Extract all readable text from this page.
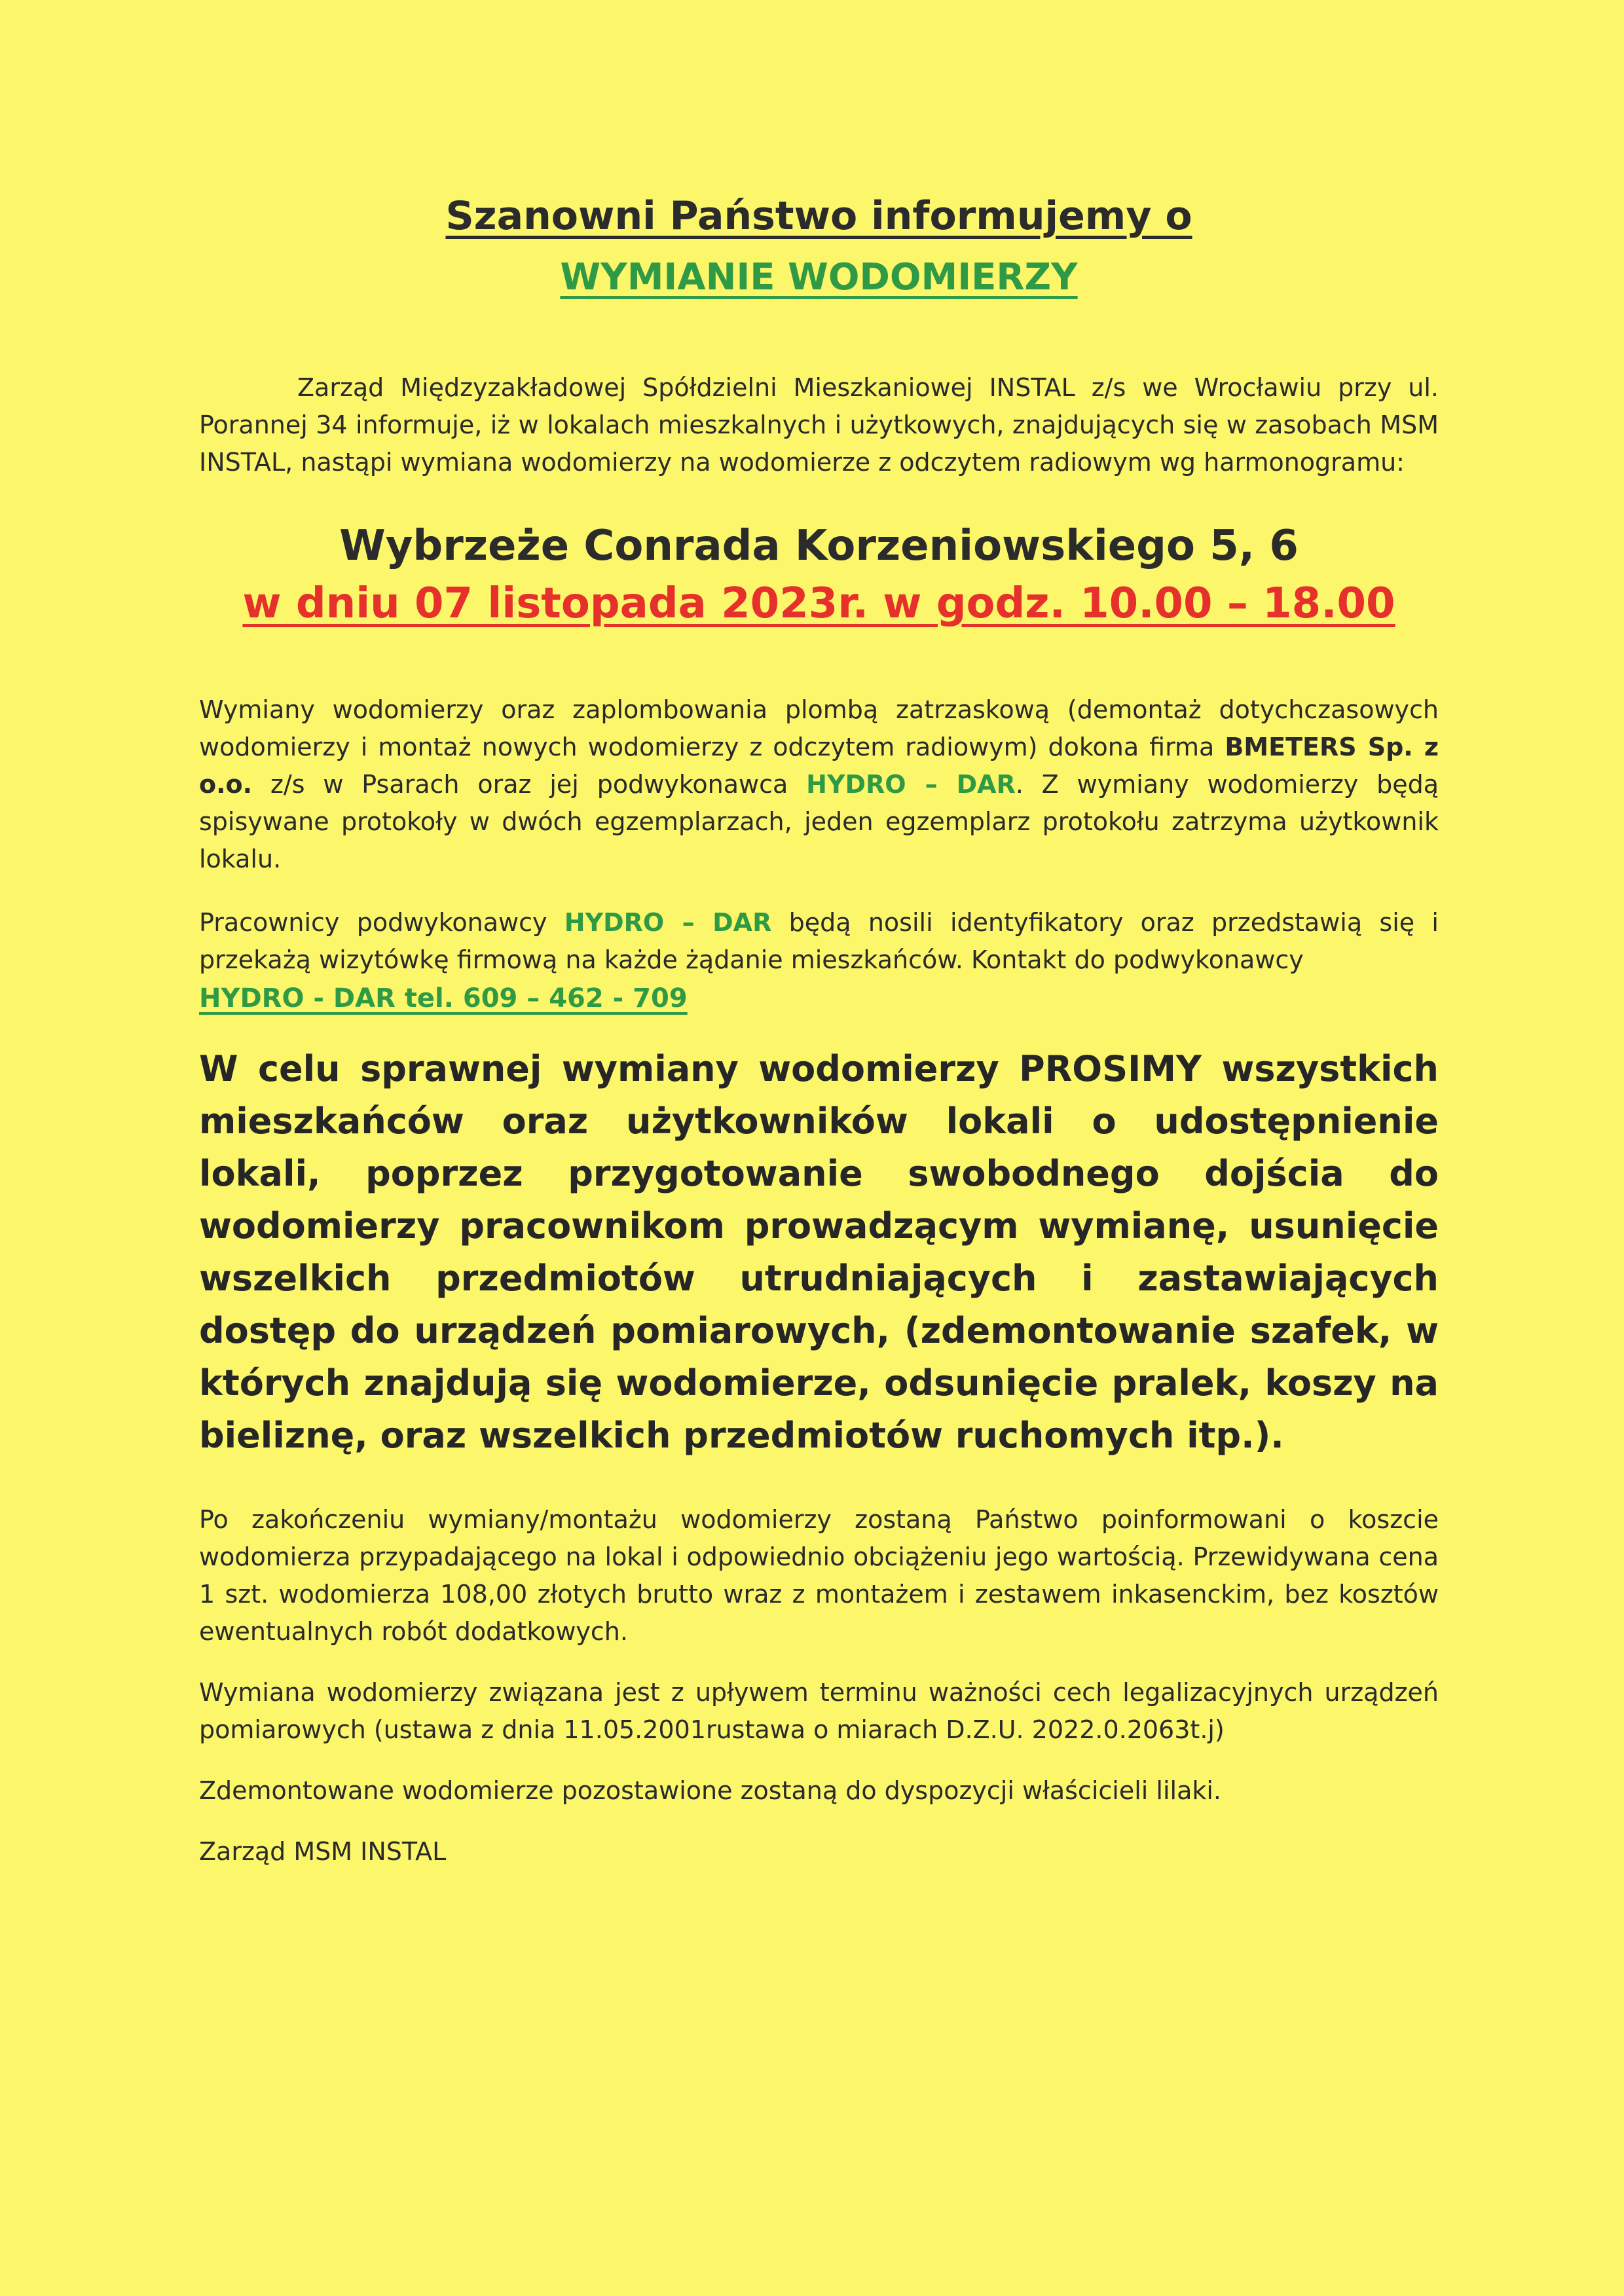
Szanowni Państwo informujemy o

WYMIANIE WODOMIERZY

Zarząd Międzyzakładowej Spółdzielni Mieszkaniowej INSTAL z/s we Wrocławiu przy ul. Porannej 34 informuje, iż w lokalach mieszkalnych i użytkowych, znajdujących się w zasobach MSM INSTAL, nastąpi wymiana wodomierzy na wodomierze z odczytem radiowym wg harmonogramu:

Wybrzeże Conrada Korzeniowskiego 5, 6

w dniu 07 listopada 2023r. w godz. 10.00 – 18.00

Wymiany wodomierzy oraz zaplombowania plombą zatrzaskową (demontaż dotychczasowych wodomierzy i montaż nowych wodomierzy z odczytem radiowym) dokona firma BMETERS Sp. z o.o. z/s w Psarach oraz jej podwykonawca HYDRO – DAR. Z wymiany wodomierzy będą spisywane protokoły w dwóch egzemplarzach, jeden egzemplarz protokołu zatrzyma użytkownik lokalu.

Pracownicy podwykonawcy HYDRO – DAR będą nosili identyfikatory oraz przedstawią się i przekażą wizytówkę firmową na każde żądanie mieszkańców. Kontakt do podwykonawcy

HYDRO - DAR tel. 609 – 462 - 709

W celu sprawnej wymiany wodomierzy PROSIMY wszystkich mieszkańców oraz użytkowników lokali o udostępnienie lokali, poprzez przygotowanie swobodnego dojścia do wodomierzy pracownikom prowadzącym wymianę, usunięcie wszelkich przedmiotów utrudniających i zastawiających dostęp do urządzeń pomiarowych, (zdemontowanie szafek, w których znajdują się wodomierze, odsunięcie pralek, koszy na bieliznę, oraz wszelkich przedmiotów ruchomych itp.).

Po zakończeniu wymiany/montażu wodomierzy zostaną Państwo poinformowani o koszcie wodomierza przypadającego na lokal i odpowiednio obciążeniu jego wartością. Przewidywana cena 1 szt. wodomierza 108,00 złotych brutto wraz z montażem i zestawem inkasenckim, bez kosztów ewentualnych robót dodatkowych.

Wymiana wodomierzy związana jest z upływem terminu ważności cech legalizacyjnych urządzeń pomiarowych (ustawa z dnia 11.05.2001rustawa o miarach D.Z.U. 2022.0.2063t.j)

Zdemontowane wodomierze pozostawione zostaną do dyspozycji właścicieli lilaki.

Zarząd MSM INSTAL
